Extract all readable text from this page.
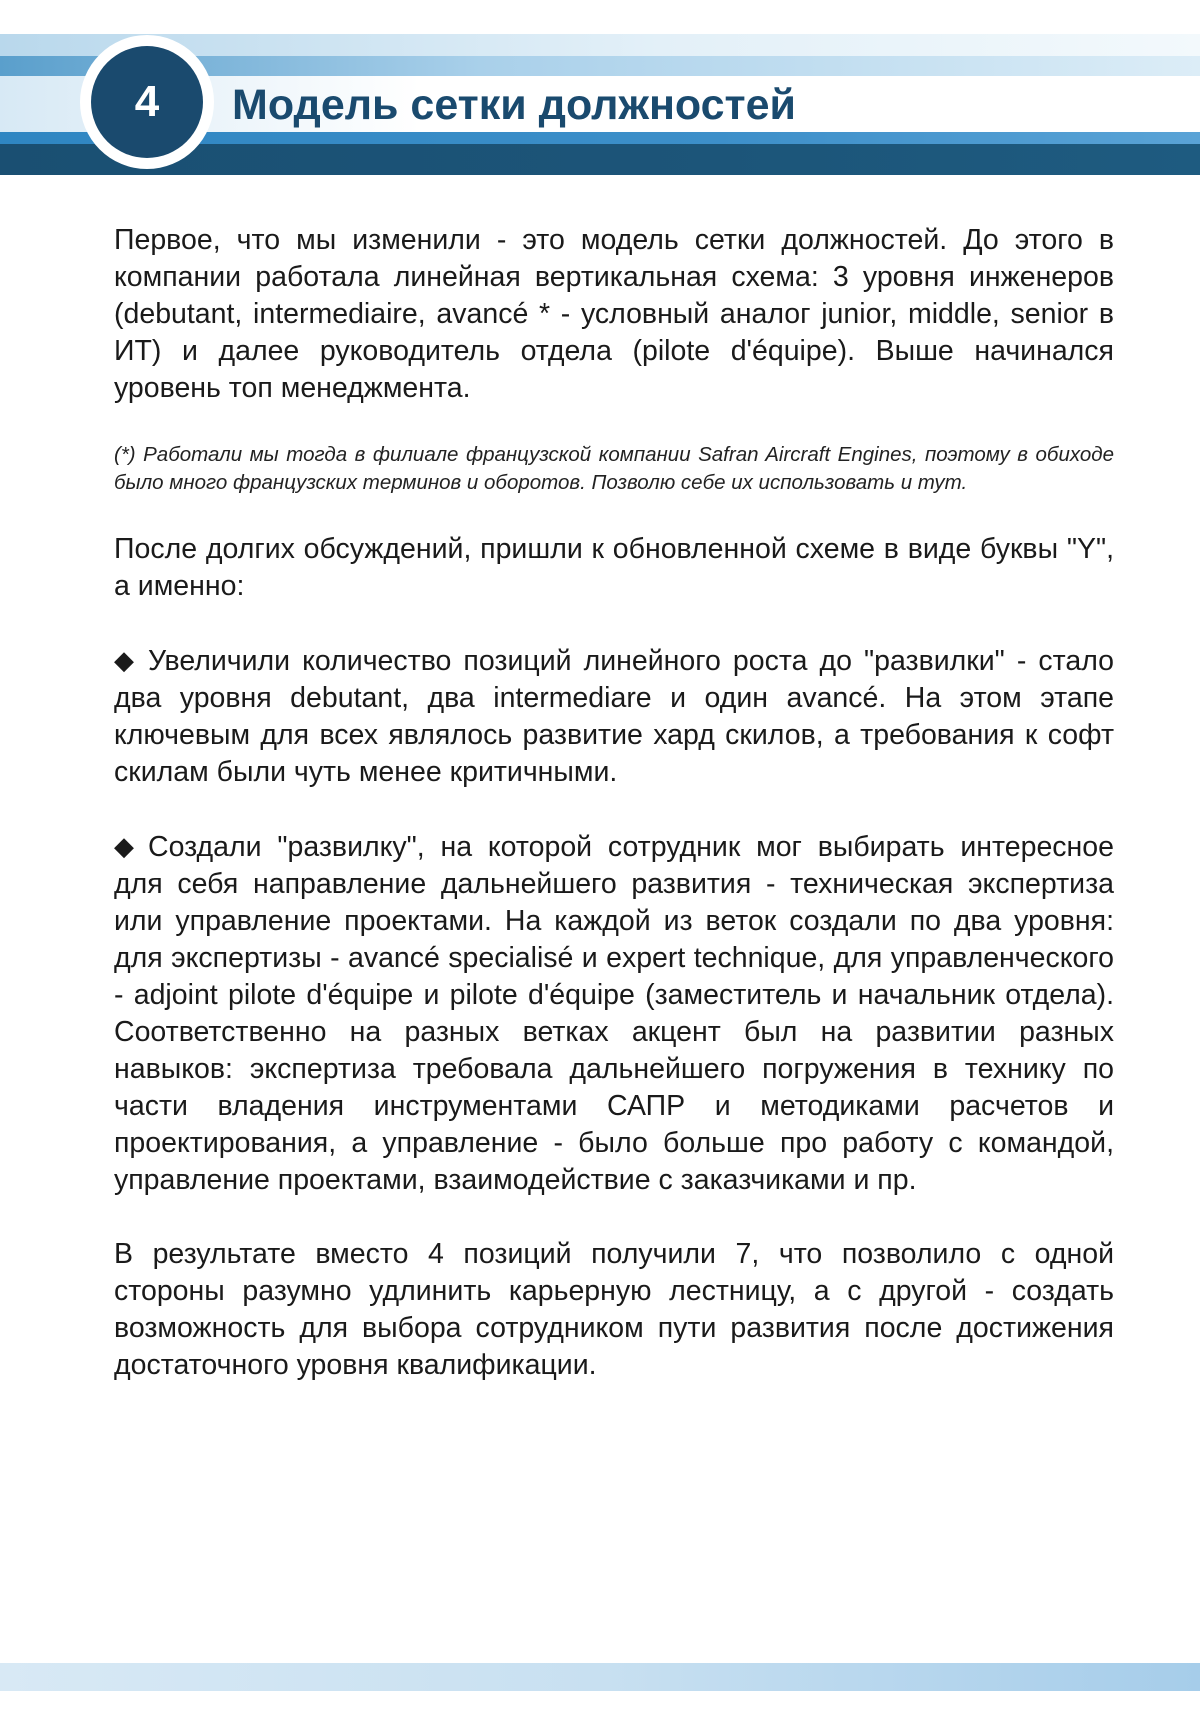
4	Модель сетки должностей

Первое, что мы изменили - это модель сетки должностей. До этого в компании работала линейная вертикальная схема: 3 уровня инженеров (debutant, intermediaire, avancé * - условный аналог junior, middle, senior в ИТ) и далее руководитель отдела (pilote d'équipe). Выше начинался уровень топ менеджмента.

(*) Работали мы тогда в филиале французской компании Safran Aircraft Engines, поэтому в обиходе было много французских терминов и оборотов. Позволю себе их использовать и тут.

После долгих обсуждений, пришли к обновленной схеме в виде буквы "Y", а именно:

◆ Увеличили количество позиций линейного роста до "развилки" - стало два уровня debutant, два intermediare и один avancé. На этом этапе ключевым для всех являлось развитие хард скилов, а требования к софт скилам были чуть менее критичными.

◆ Создали "развилку", на которой сотрудник мог выбирать интересное для себя направление дальнейшего развития - техническая экспертиза или управление проектами. На каждой из веток создали по два уровня: для экспертизы - avancé specialisé и expert technique, для управленческого - adjoint pilote d'équipe и pilote d'équipe (заместитель и начальник отдела). Соответственно на разных ветках акцент был на развитии разных навыков: экспертиза требовала дальнейшего погружения в технику по части владения инструментами САПР и методиками расчетов и проектирования, а управление - было больше про работу с командой, управление проектами, взаимодействие с заказчиками и пр.

В результате вместо 4 позиций получили 7, что позволило с одной стороны разумно удлинить карьерную лестницу, а с другой - создать возможность для выбора сотрудником пути развития после достижения достаточного уровня квалификации.
